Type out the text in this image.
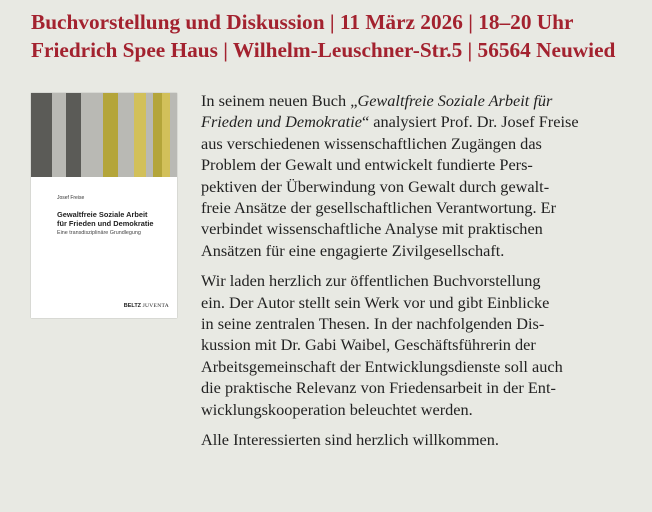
Buchvorstellung und Diskussion | 11 März 2026 | 18–20 Uhr
Friedrich Spee Haus | Wilhelm-Leuschner-Str.5 | 56564 Neuwied
Josef Freise
Gewaltfreie Soziale Arbeit
für Frieden und Demokratie
Eine transdisziplinäre Grundlegung
BELTZ JUVENTA

In seinem neuen Buch „Gewaltfreie Soziale Arbeit für
Frieden und Demokratie“ analysiert Prof. Dr. Josef Freise
aus verschiedenen wissenschaftlichen Zugängen das
Problem der Gewalt und entwickelt fundierte Pers-
pektiven der Überwindung von Gewalt durch gewalt-
freie Ansätze der gesellschaftlichen Verantwortung. Er
verbindet wissenschaftliche Analyse mit praktischen
Ansätzen für eine engagierte Zivilgesellschaft.

Wir laden herzlich zur öffentlichen Buchvorstellung
ein. Der Autor stellt sein Werk vor und gibt Einblicke
in seine zentralen Thesen. In der nachfolgenden Dis-
kussion mit Dr. Gabi Waibel, Geschäftsführerin der
Arbeitsgemeinschaft der Entwicklungsdienste soll auch
die praktische Relevanz von Friedensarbeit in der Ent-
wicklungskooperation beleuchtet werden.

Alle Interessierten sind herzlich willkommen.
